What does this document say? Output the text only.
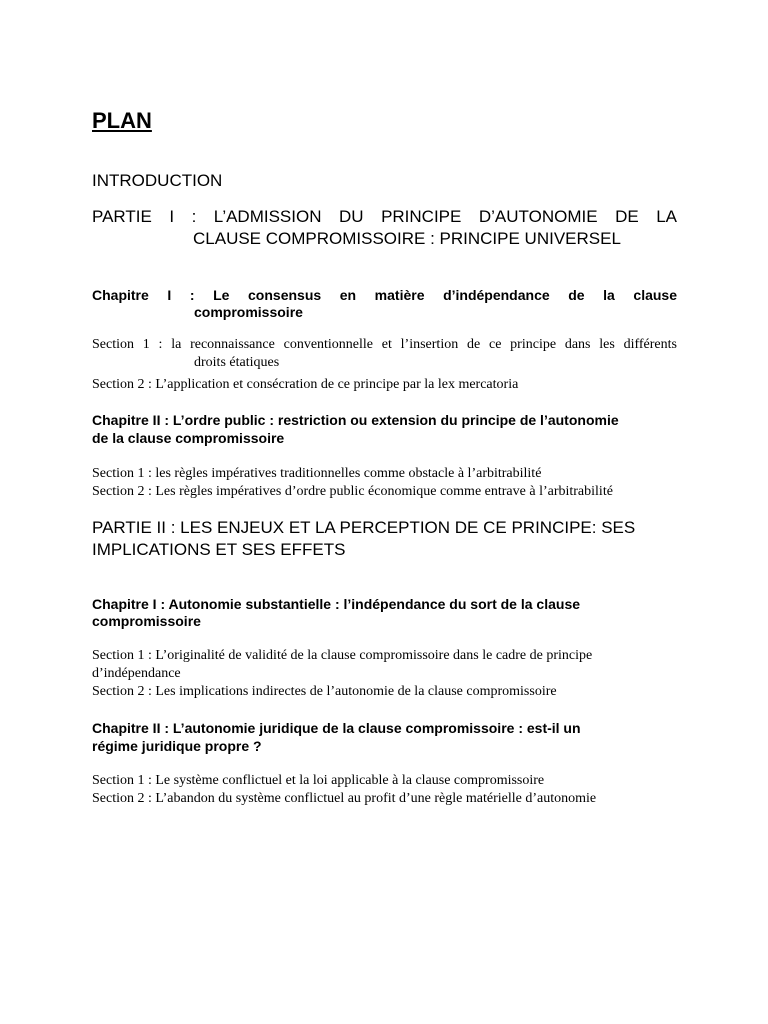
PLAN
INTRODUCTION
PARTIE I : L’ADMISSION DU PRINCIPE D’AUTONOMIE DE LA
CLAUSE COMPROMISSOIRE : PRINCIPE UNIVERSEL
Chapitre I : Le consensus en matière d’indépendance de la clause
compromissoire
Section 1 : la reconnaissance conventionnelle et l’insertion de ce principe dans les différents
droits étatiques
Section 2 : L’application et consécration de ce principe par la lex mercatoria
Chapitre II : L’ordre public : restriction ou extension du principe de l’autonomie
de la clause compromissoire
Section 1 : les règles impératives traditionnelles comme obstacle à l’arbitrabilité
Section 2 : Les règles impératives d’ordre public économique comme entrave à l’arbitrabilité
PARTIE II : LES ENJEUX ET LA PERCEPTION DE CE PRINCIPE: SES
IMPLICATIONS ET SES EFFETS
Chapitre I : Autonomie substantielle : l’indépendance du sort de la clause
compromissoire
Section 1 : L’originalité de validité de la clause compromissoire dans le cadre de principe
d’indépendance
Section 2 : Les implications indirectes de l’autonomie de la clause compromissoire
Chapitre II : L’autonomie juridique de la clause compromissoire : est-il un
régime juridique propre ?
Section 1 : Le système conflictuel et la loi applicable à la clause compromissoire
Section 2 : L’abandon du système conflictuel au profit d’une règle matérielle d’autonomie
